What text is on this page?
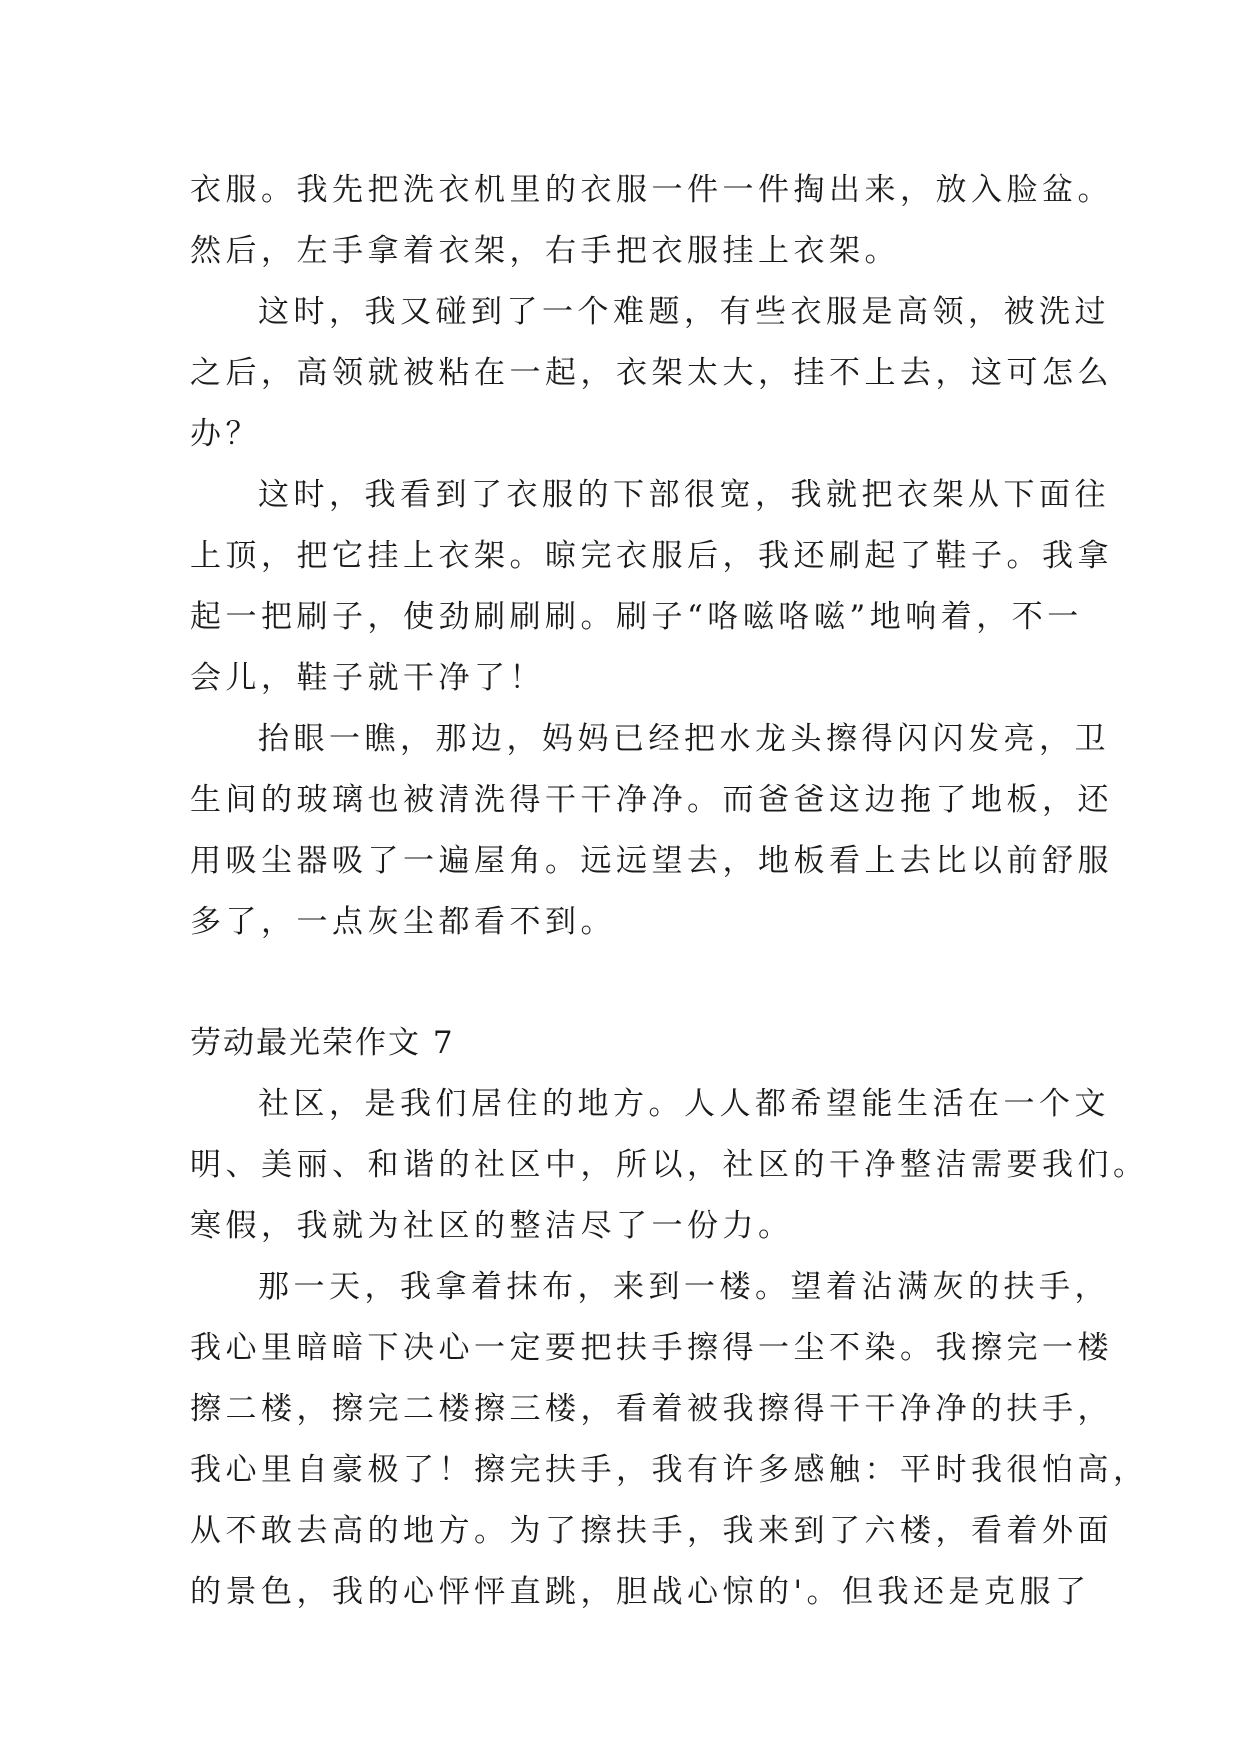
衣服。我先把洗衣机里的衣服一件一件掏出来，放入脸盆。
然后，左手拿着衣架，右手把衣服挂上衣架。
这时，我又碰到了一个难题，有些衣服是高领，被洗过
之后，高领就被粘在一起，衣架太大，挂不上去，这可怎么
办？
这时，我看到了衣服的下部很宽，我就把衣架从下面往
上顶，把它挂上衣架。晾完衣服后，我还刷起了鞋子。我拿
起一把刷子，使劲刷刷刷。刷子“咯嗞咯嗞”地响着，不一
会儿，鞋子就干净了！
抬眼一瞧，那边，妈妈已经把水龙头擦得闪闪发亮，卫
生间的玻璃也被清洗得干干净净。而爸爸这边拖了地板，还
用吸尘器吸了一遍屋角。远远望去，地板看上去比以前舒服
多了，一点灰尘都看不到。
劳动最光荣作文 7
社区，是我们居住的地方。人人都希望能生活在一个文
明、美丽、和谐的社区中，所以，社区的干净整洁需要我们。
寒假，我就为社区的整洁尽了一份力。
那一天，我拿着抹布，来到一楼。望着沾满灰的扶手，
我心里暗暗下决心一定要把扶手擦得一尘不染。我擦完一楼
擦二楼，擦完二楼擦三楼，看着被我擦得干干净净的扶手，
我心里自豪极了！擦完扶手，我有许多感触：平时我很怕高，
从不敢去高的地方。为了擦扶手，我来到了六楼，看着外面
的景色，我的心怦怦直跳，胆战心惊的'。但我还是克服了
